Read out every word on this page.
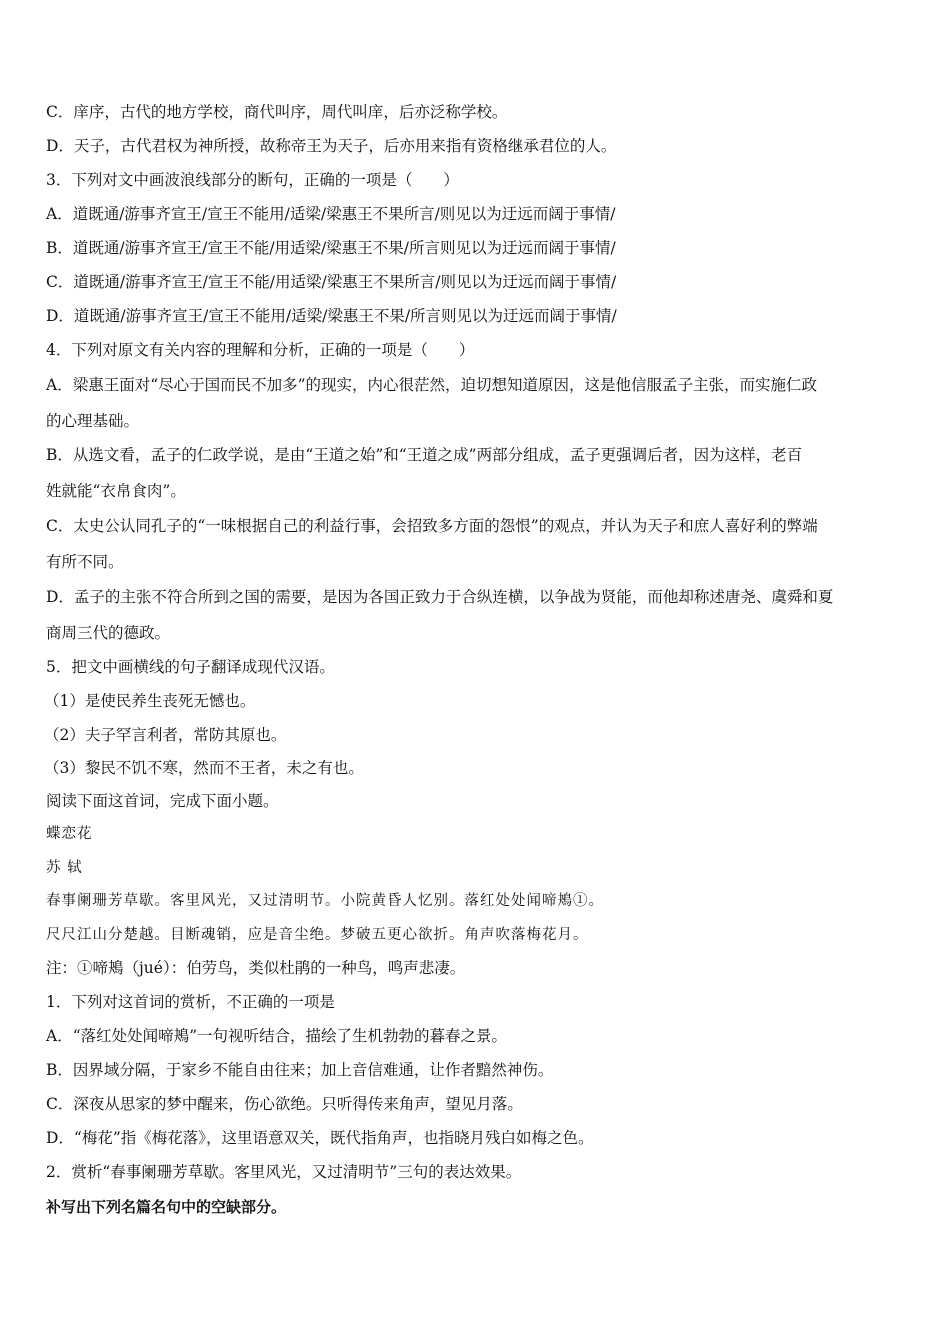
C．庠序，古代的地方学校，商代叫序，周代叫庠，后亦泛称学校。
D．天子，古代君权为神所授，故称帝王为天子，后亦用来指有资格继承君位的人。
3．下列对文中画波浪线部分的断句，正确的一项是（　　）
A．道既通/游事齐宣王/宣王不能用/适梁/梁惠王不果所言/则见以为迂远而阔于事情/
B．道既通/游事齐宣王/宣王不能/用适梁/梁惠王不果/所言则见以为迂远而阔于事情/
C．道既通/游事齐宣王/宣王不能/用适梁/梁惠王不果所言/则见以为迂远而阔于事情/
D．道既通/游事齐宣王/宣王不能用/适梁/梁惠王不果/所言则见以为迂远而阔于事情/
4．下列对原文有关内容的理解和分析，正确的一项是（　　）
A．梁惠王面对“尽心于国而民不加多”的现实，内心很茫然，迫切想知道原因，这是他信服孟子主张，而实施仁政
的心理基础。
B．从选文看，孟子的仁政学说，是由“王道之始”和“王道之成”两部分组成，孟子更强调后者，因为这样，老百
姓就能“衣帛食肉”。
C．太史公认同孔子的“一味根据自己的利益行事，会招致多方面的怨恨”的观点，并认为天子和庶人喜好利的弊端
有所不同。
D．孟子的主张不符合所到之国的需要，是因为各国正致力于合纵连横，以争战为贤能，而他却称述唐尧、虞舜和夏
商周三代的德政。
5．把文中画横线的句子翻译成现代汉语。
（1）是使民养生丧死无憾也。
（2）夫子罕言利者，常防其原也。
（3）黎民不饥不寒，然而不王者，未之有也。
阅读下面这首词，完成下面小题。
蝶恋花
苏 轼
春事阑珊芳草歇。客里风光，又过清明节。小院黄昏人忆别。落红处处闻啼鴂①。
尺尺江山分楚越。目断魂销，应是音尘绝。梦破五更心欲折。角声吹落梅花月。
注：①啼鴂（jué）：伯劳鸟，类似杜鹃的一种鸟，鸣声悲凄。
1．下列对这首词的赏析，不正确的一项是
A．“落红处处闻啼鴂”一句视听结合，描绘了生机勃勃的暮春之景。
B．因界域分隔，于家乡不能自由往来；加上音信难通，让作者黯然神伤。
C．深夜从思家的梦中醒来，伤心欲绝。只听得传来角声，望见月落。
D．“梅花”指《梅花落》，这里语意双关，既代指角声，也指晓月残白如梅之色。
2．赏析“春事阑珊芳草歇。客里风光，又过清明节”三句的表达效果。
补写出下列名篇名句中的空缺部分。
